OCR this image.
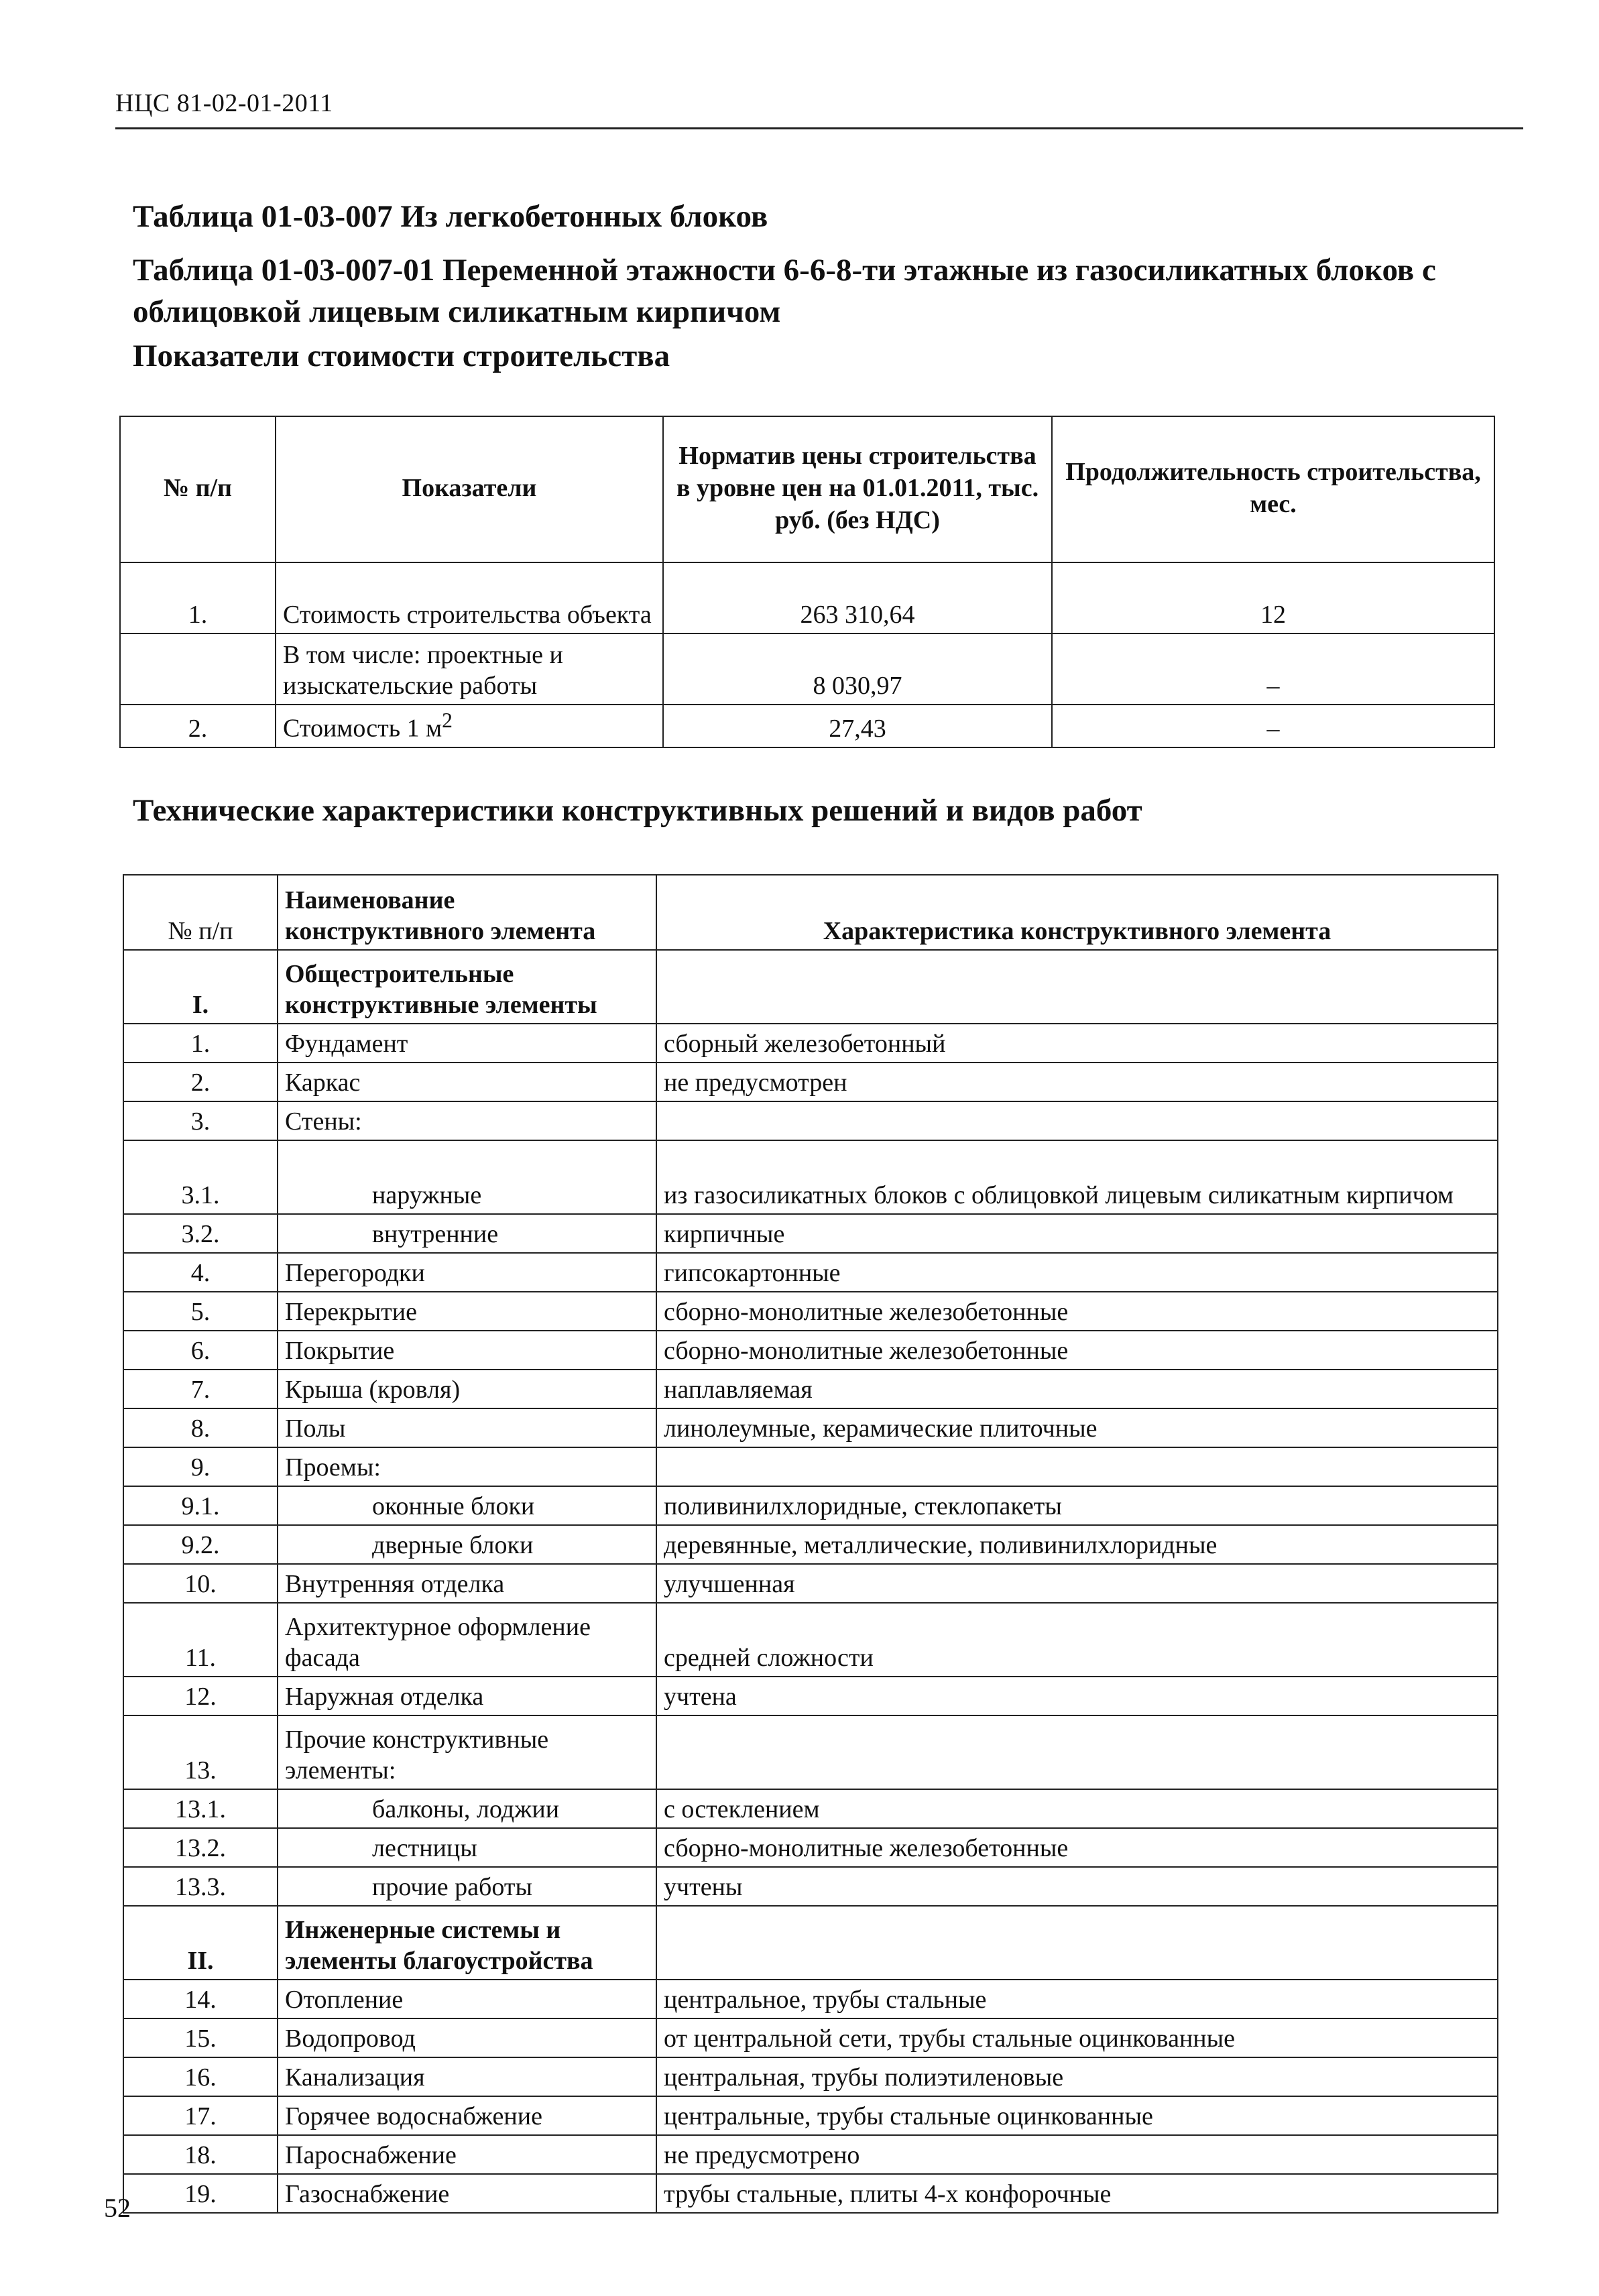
НЦС 81-02-01-2011
Таблица 01-03-007 Из легкобетонных блоков
Таблица 01-03-007-01 Переменной этажности 6-6-8-ти этажные из газосиликатных блоков с облицовкой лицевым силикатным кирпичом
Показатели стоимости строительства
№ п/п	Показатели	Норматив цены строительства в уровне цен на 01.01.2011, тыс. руб. (без НДС)	Продолжительность строительства, мес.
1.	Стоимость строительства объекта	263 310,64	12
	В том числе: проектные и изыскательские работы	8 030,97	–
2.	Стоимость 1 $м^2$	27,43	–
Технические характеристики конструктивных решений и видов работ
№ п/п	Наименование конструктивного элемента	Характеристика конструктивного элемента
I.	Общестроительные конструктивные элементы	
1.	Фундамент	сборный железобетонный
2.	Каркас	не предусмотрен
3.	Стены:	
3.1.	наружные	из газосиликатных блоков с облицовкой лицевым силикатным кирпичом
3.2.	внутренние	кирпичные
4.	Перегородки	гипсокартонные
5.	Перекрытие	сборно-монолитные железобетонные
6.	Покрытие	сборно-монолитные железобетонные
7.	Крыша (кровля)	наплавляемая
8.	Полы	линолеумные, керамические плиточные
9.	Проемы:	
9.1.	оконные блоки	поливинилхлоридные, стеклопакеты
9.2.	дверные блоки	деревянные, металлические, поливинилхлоридные
10.	Внутренняя отделка	улучшенная
11.	Архитектурное оформление фасада	средней сложности
12.	Наружная отделка	учтена
13.	Прочие конструктивные элементы:	
13.1.	балконы, лоджии	с остеклением
13.2.	лестницы	сборно-монолитные железобетонные
13.3.	прочие работы	учтены
II.	Инженерные системы и элементы благоустройства	
14.	Отопление	центральное, трубы стальные
15.	Водопровод	от центральной сети, трубы стальные оцинкованные
16.	Канализация	центральная, трубы полиэтиленовые
17.	Горячее водоснабжение	центральные, трубы стальные оцинкованные
18.	Пароснабжение	не предусмотрено
19.	Газоснабжение	трубы стальные, плиты 4-х конфорочные
52
